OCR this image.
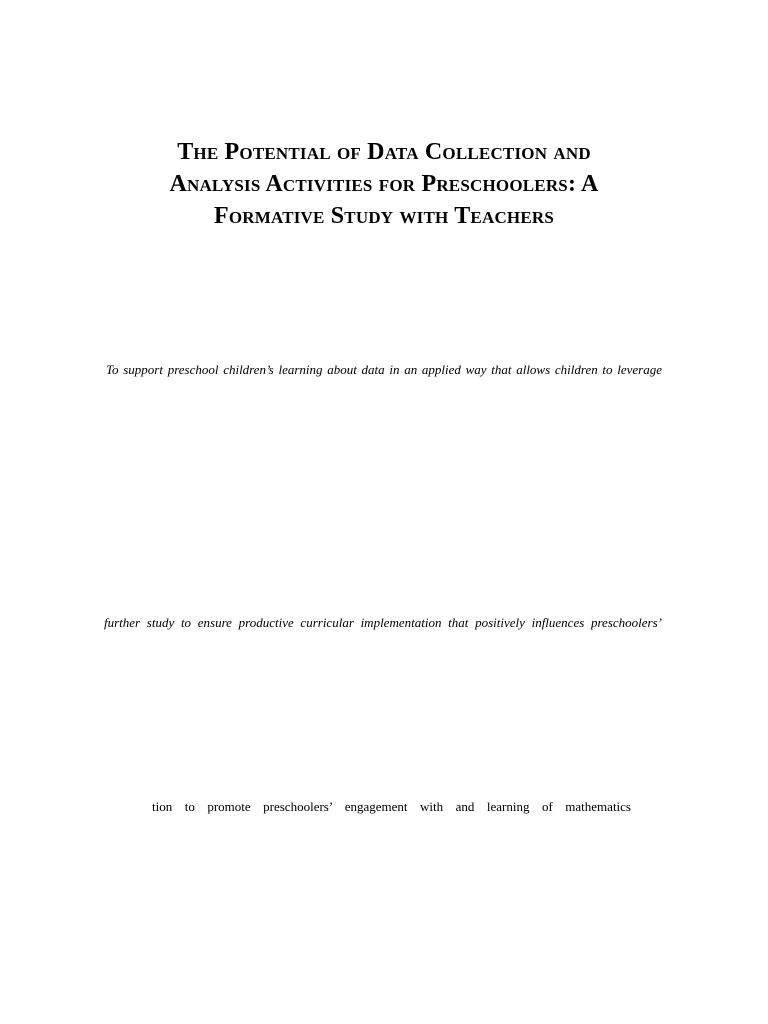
The Potential of Data Collection and
Analysis Activities for Preschoolers: A
Formative Study with Teachers

To support preschool children’s learning about data in an applied way that allows children to leverage

further study to ensure productive curricular implementation that positively influences preschoolers’

tion to promote preschoolers’ engagement with and learning of mathematics
